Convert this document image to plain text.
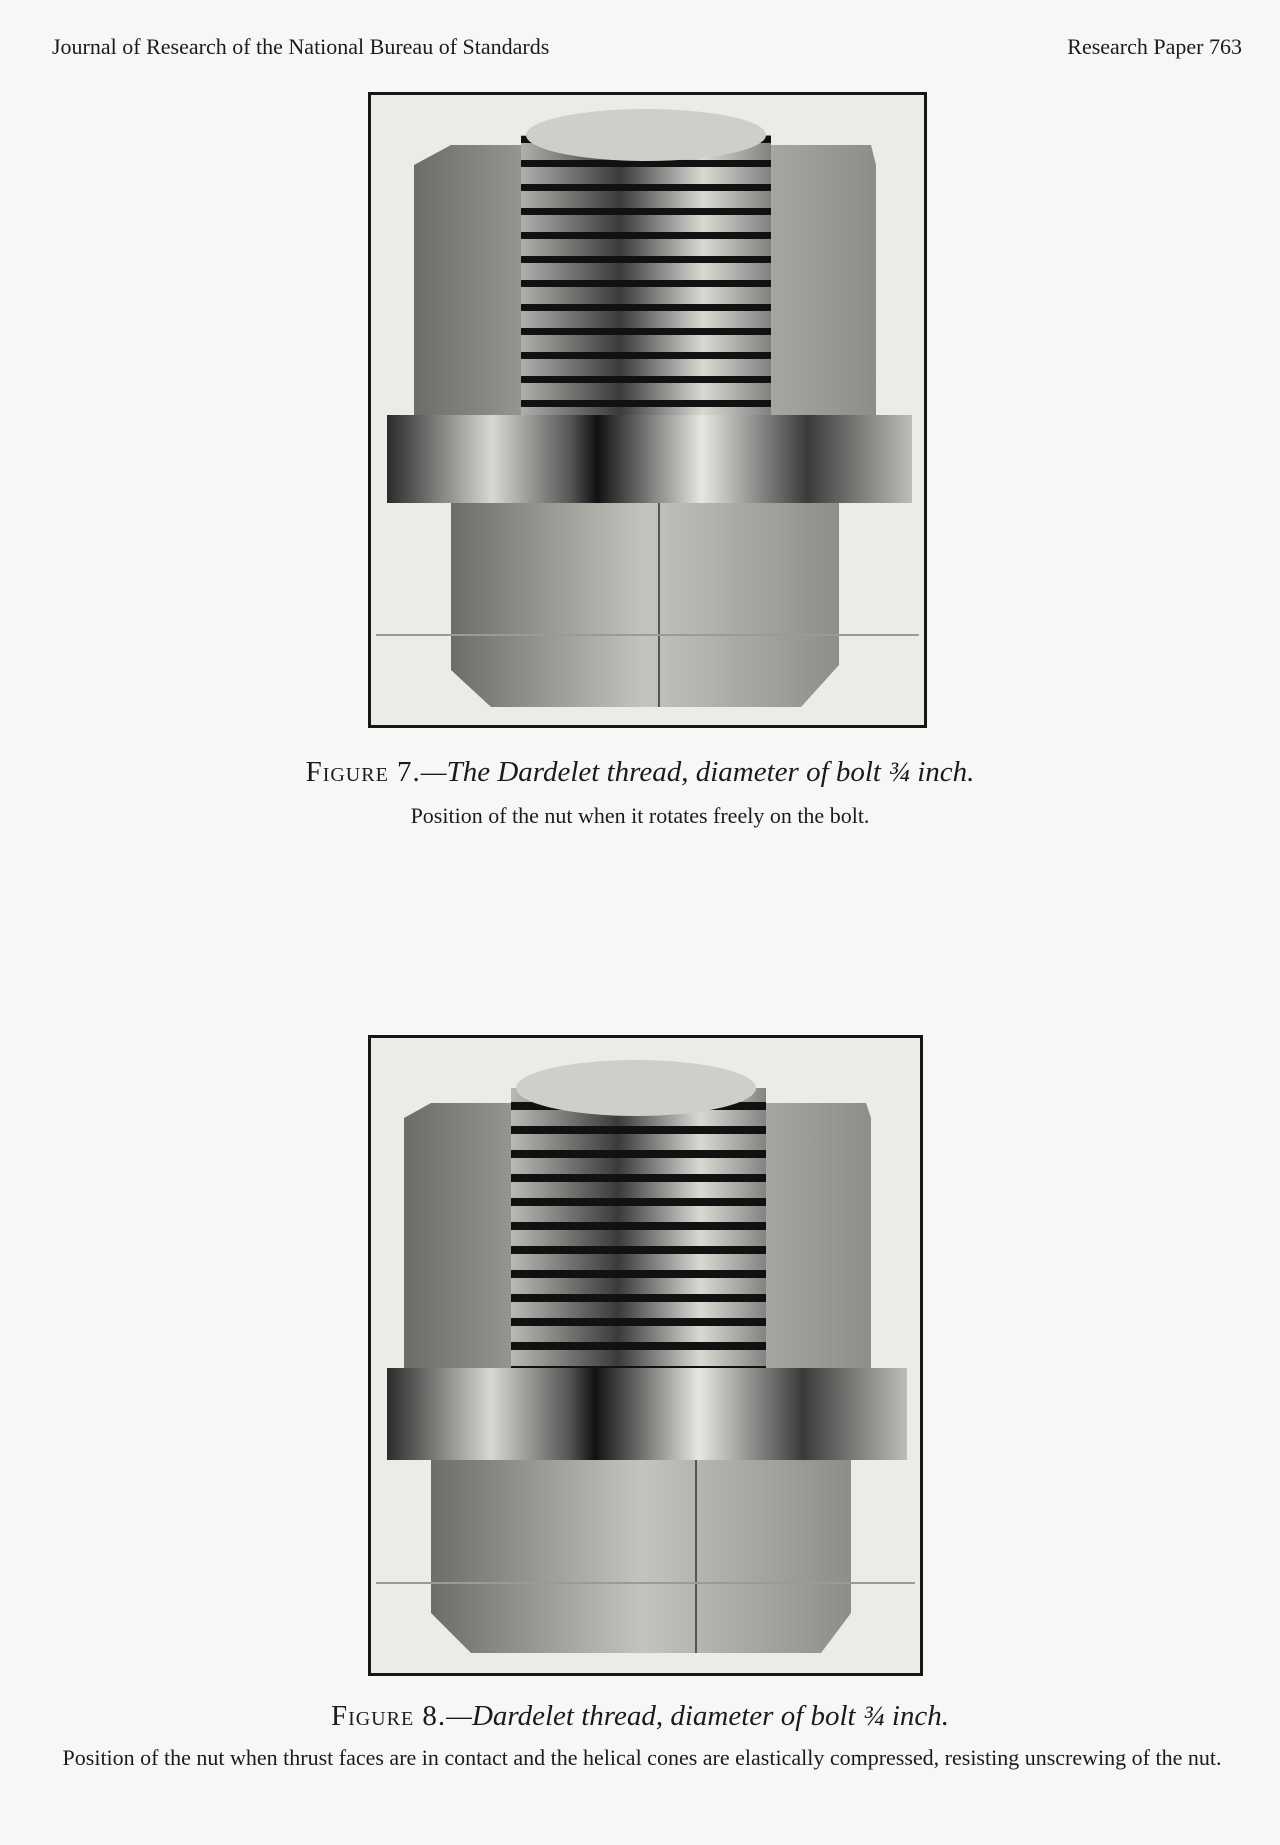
Journal of Research of the National Bureau of Standards	Research Paper 763
Figure 7.—The Dardelet thread, diameter of bolt ¾ inch.
Position of the nut when it rotates freely on the bolt.
Figure 8.—Dardelet thread, diameter of bolt ¾ inch.
Position of the nut when thrust faces are in contact and the helical cones are elastically compressed, resisting unscrewing of the nut.
